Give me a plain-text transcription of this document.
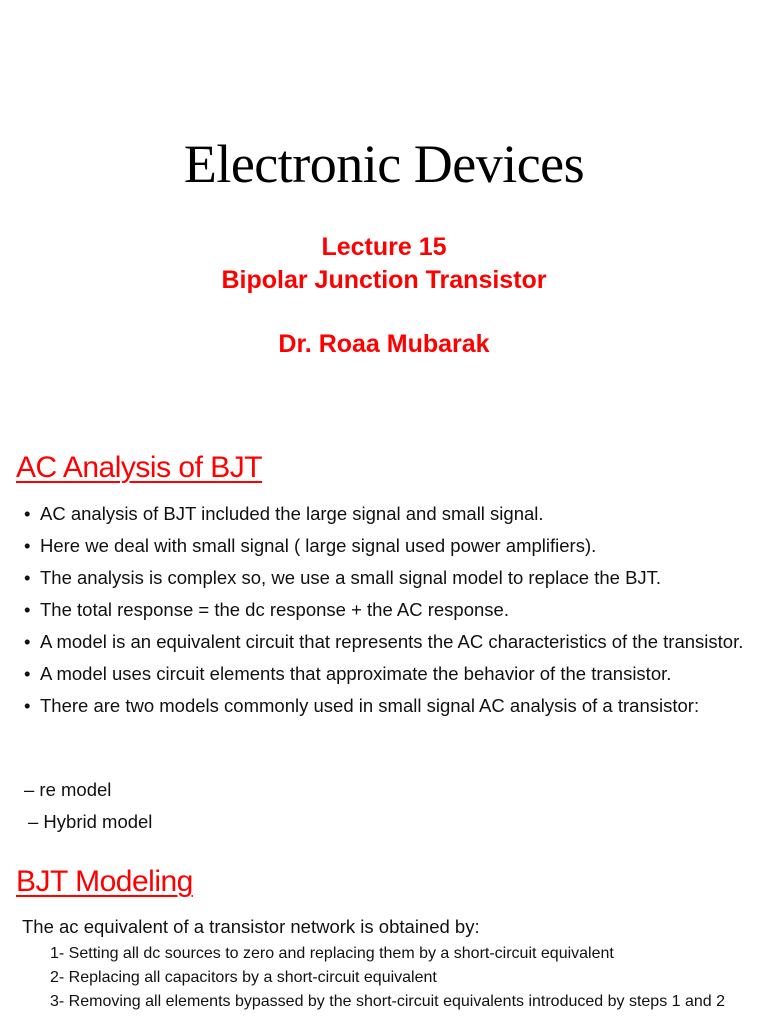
Electronic Devices
Lecture 15
Bipolar Junction Transistor
Dr. Roaa Mubarak
AC Analysis of BJT
• AC analysis of BJT included the large signal and small signal.
• Here we deal with small signal ( large signal used power amplifiers).
• The analysis is complex so, we use a small signal model to replace the BJT.
• The total response = the dc response + the AC response.
• A model is an equivalent circuit that represents the AC characteristics of the transistor.
• A model uses circuit elements that approximate the behavior of the transistor.
• There are two models commonly used in small signal AC analysis of a transistor:
– re model
– Hybrid model
BJT Modeling
The ac equivalent of a transistor network is obtained by:
1- Setting all dc sources to zero and replacing them by a short-circuit equivalent
2- Replacing all capacitors by a short-circuit equivalent
3- Removing all elements bypassed by the short-circuit equivalents introduced by steps 1 and 2
